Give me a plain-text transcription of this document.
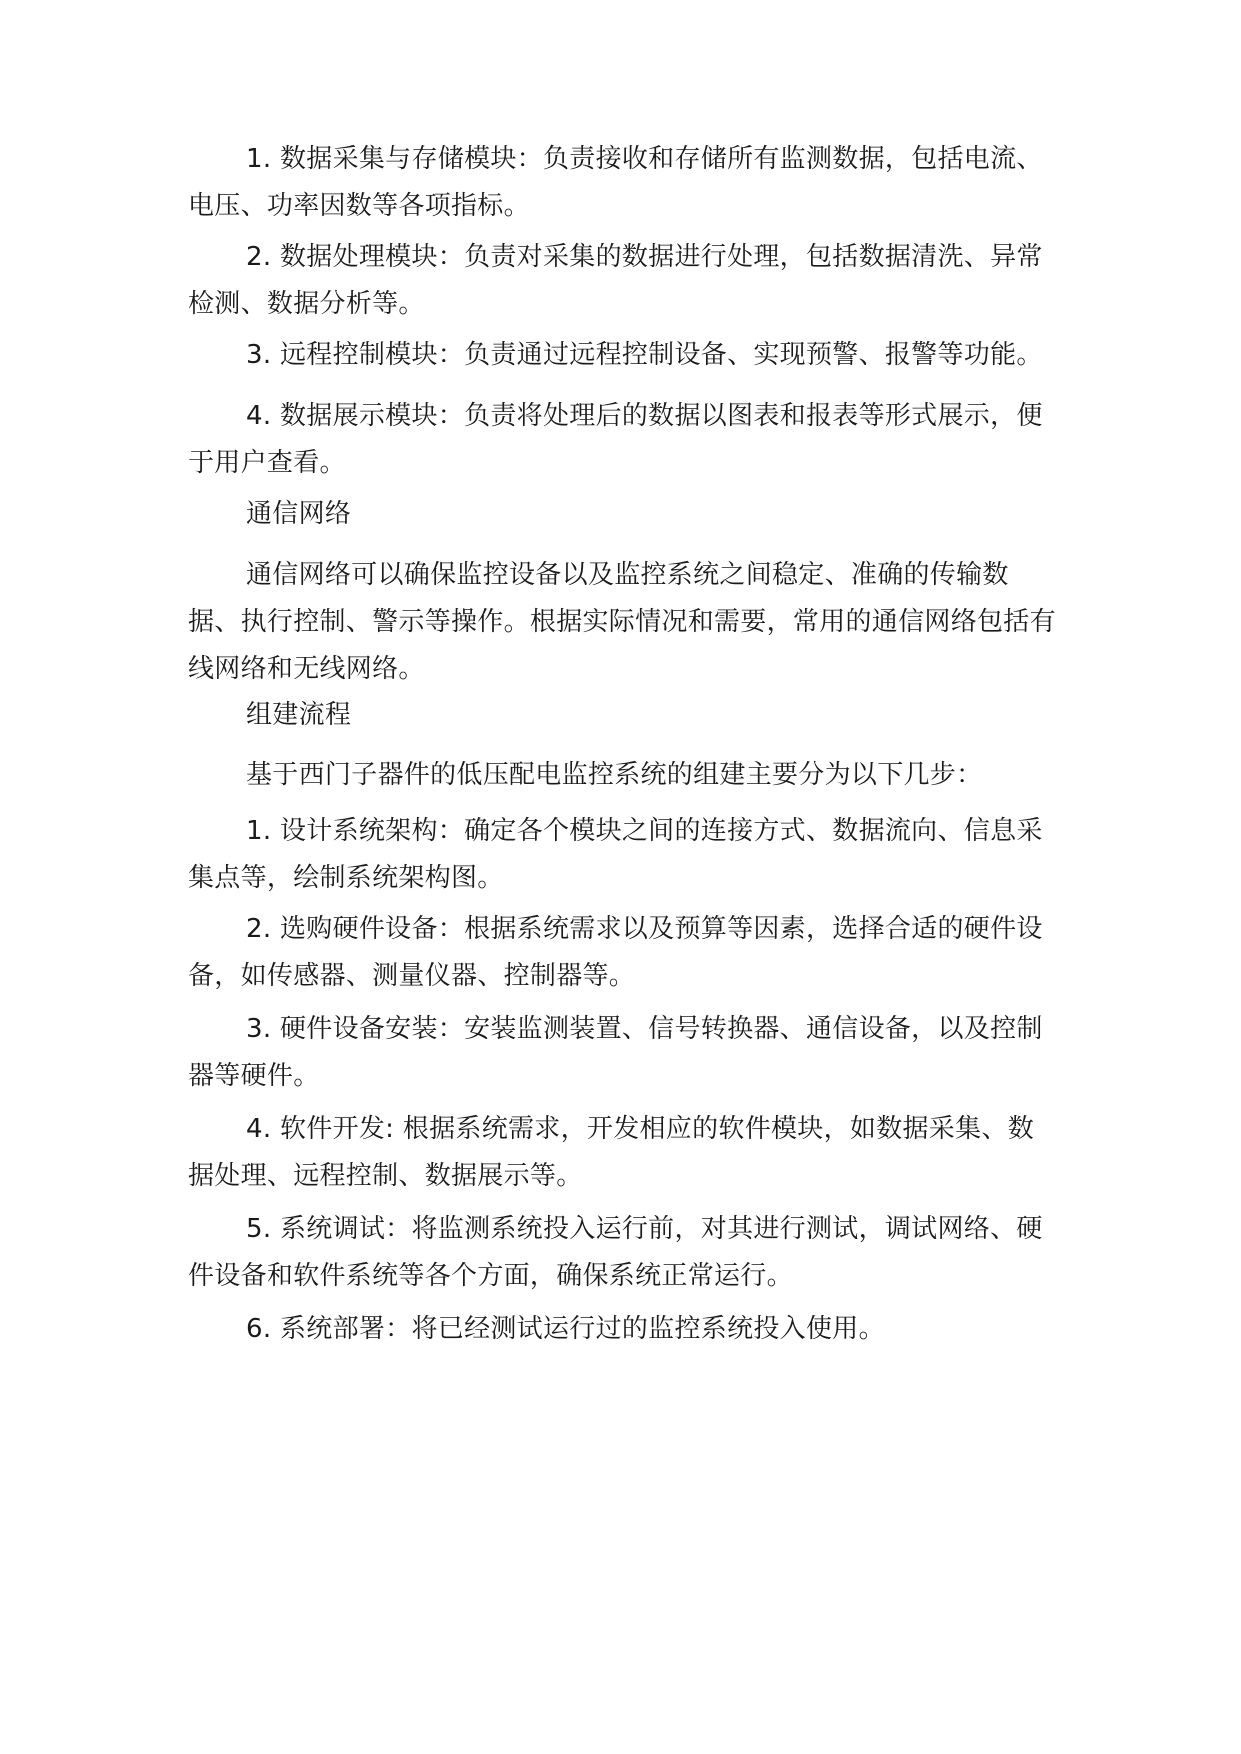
1. 数据采集与存储模块：负责接收和存储所有监测数据，包括电流、电压、功率因数等各项指标。

2. 数据处理模块：负责对采集的数据进行处理，包括数据清洗、异常检测、数据分析等。

3. 远程控制模块：负责通过远程控制设备、实现预警、报警等功能。

4. 数据展示模块：负责将处理后的数据以图表和报表等形式展示，便于用户查看。

通信网络

通信网络可以确保监控设备以及监控系统之间稳定、准确的传输数据、执行控制、警示等操作。根据实际情况和需要，常用的通信网络包括有线网络和无线网络。

组建流程

基于西门子器件的低压配电监控系统的组建主要分为以下几步：

1. 设计系统架构：确定各个模块之间的连接方式、数据流向、信息采集点等，绘制系统架构图。

2. 选购硬件设备：根据系统需求以及预算等因素，选择合适的硬件设备，如传感器、测量仪器、控制器等。

3. 硬件设备安装：安装监测装置、信号转换器、通信设备，以及控制器等硬件。

4. 软件开发: 根据系统需求，开发相应的软件模块，如数据采集、数据处理、远程控制、数据展示等。

5. 系统调试：将监测系统投入运行前，对其进行测试，调试网络、硬件设备和软件系统等各个方面，确保系统正常运行。

6. 系统部署：将已经测试运行过的监控系统投入使用。
